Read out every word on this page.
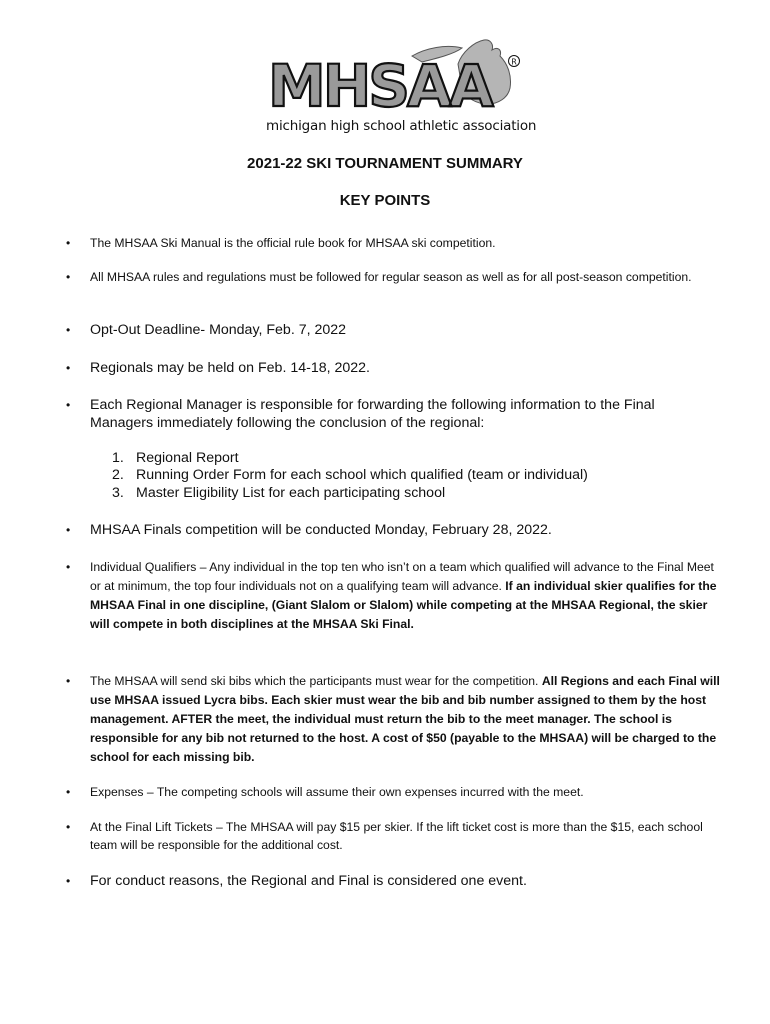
MHSAA	R
michigan high school athletic association
2021-22 SKI TOURNAMENT SUMMARY
KEY POINTS
• The MHSAA Ski Manual is the official rule book for MHSAA ski competition.
• All MHSAA rules and regulations must be followed for regular season as well as for all post-season competition.
• Opt-Out Deadline- Monday, Feb. 7, 2022
• Regionals may be held on Feb. 14-18, 2022.
• Each Regional Manager is responsible for forwarding the following information to the Final Managers immediately following the conclusion of the regional:
1. Regional Report
2. Running Order Form for each school which qualified (team or individual)
3. Master Eligibility List for each participating school
• MHSAA Finals competition will be conducted Monday, February 28, 2022.
• Individual Qualifiers – Any individual in the top ten who isn’t on a team which qualified will advance to the Final Meet or at minimum, the top four individuals not on a qualifying team will advance. If an individual skier qualifies for the MHSAA Final in one discipline, (Giant Slalom or Slalom) while competing at the MHSAA Regional, the skier will compete in both disciplines at the MHSAA Ski Final.
• The MHSAA will send ski bibs which the participants must wear for the competition. All Regions and each Final will use MHSAA issued Lycra bibs. Each skier must wear the bib and bib number assigned to them by the host management. AFTER the meet, the individual must return the bib to the meet manager. The school is responsible for any bib not returned to the host. A cost of $50 (payable to the MHSAA) will be charged to the school for each missing bib.
• Expenses – The competing schools will assume their own expenses incurred with the meet.
• At the Final Lift Tickets – The MHSAA will pay $15 per skier. If the lift ticket cost is more than the $15, each school team will be responsible for the additional cost.
• For conduct reasons, the Regional and Final is considered one event.
